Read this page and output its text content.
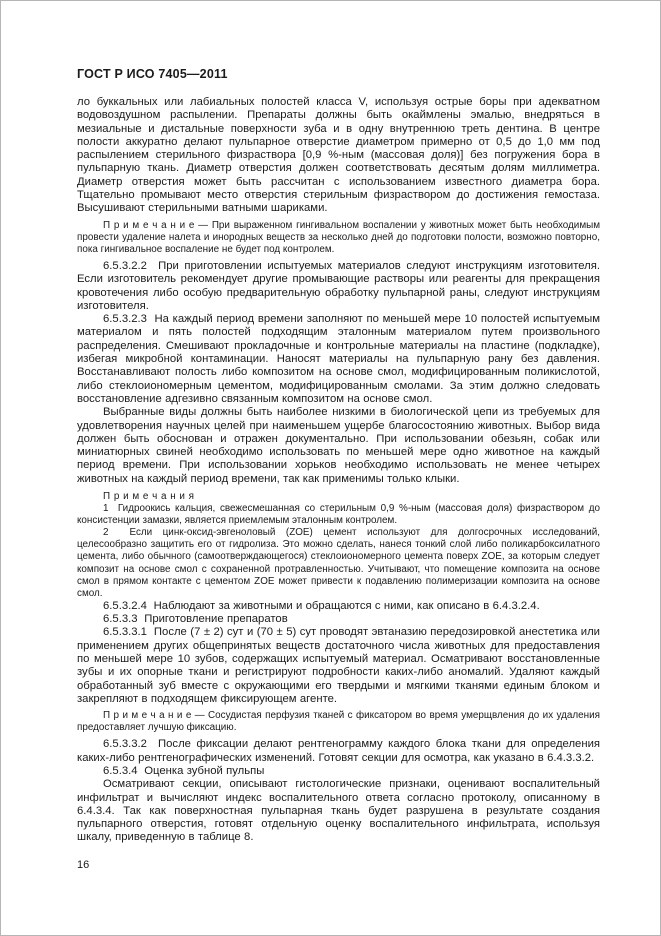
ГОСТ Р ИСО 7405—2011

ло буккальных или лабиальных полостей класса V, используя острые боры при адекватном водовоздушном распылении. Препараты должны быть окаймлены эмалью, внедряться в мезиальные и дистальные поверхности зуба и в одну внутреннюю треть дентина. В центре полости аккуратно делают пульпарное отверстие диаметром примерно от 0,5 до 1,0 мм под распылением стерильного физраствора [0,9 %-ным (массовая доля)] без погружения бора в пульпарную ткань. Диаметр отверстия должен соответствовать десятым долям миллиметра. Диаметр отверстия может быть рассчитан с использованием известного диаметра бора. Тщательно промывают место отверстия стерильным физраствором до достижения гемостаза. Высушивают стерильными ватными шариками.

П р и м е ч а н и е — При выраженном гингивальном воспалении у животных может быть необходимым провести удаление налета и инородных веществ за несколько дней до подготовки полости, возможно повторно, пока гингивальное воспаление не будет под контролем.

6.5.3.2.2  При приготовлении испытуемых материалов следуют инструкциям изготовителя. Если изготовитель рекомендует другие промывающие растворы или реагенты для прекращения кровотечения либо особую предварительную обработку пульпарной раны, следуют инструкциям изготовителя.

6.5.3.2.3  На каждый период времени заполняют по меньшей мере 10 полостей испытуемым материалом и пять полостей подходящим эталонным материалом путем произвольного распределения. Смешивают прокладочные и контрольные материалы на пластине (подкладке), избегая микробной контаминации. Наносят материалы на пульпарную рану без давления. Восстанавливают полость либо композитом на основе смол, модифицированным поликислотой, либо стеклоиономерным цементом, модифицированным смолами. За этим должно следовать восстановление адгезивно связанным композитом на основе смол.

Выбранные виды должны быть наиболее низкими в биологической цепи из требуемых для удовлетворения научных целей при наименьшем ущербе благосостоянию животных. Выбор вида должен быть обоснован и отражен документально. При использовании обезьян, собак или миниатюрных свиней необходимо использовать по меньшей мере одно животное на каждый период времени. При использовании хорьков необходимо использовать не менее четырех животных на каждый период времени, так как применимы только клыки.

П р и м е ч а н и я

1  Гидроокись кальция, свежесмешанная со стерильным 0,9 %-ным (массовая доля) физраствором до консистенции замазки, является приемлемым эталонным контролем.

2  Если цинк-оксид-эвгеноловый (ZOE) цемент используют для долгосрочных исследований, целесообразно защитить его от гидролиза. Это можно сделать, нанеся тонкий слой либо поликарбоксилатного цемента, либо обычного (самоотверждающегося) стеклоиономерного цемента поверх ZOE, за которым следует композит на основе смол с сохраненной протравленностью. Учитывают, что помещение композита на основе смол в прямом контакте с цементом ZOE может привести к подавлению полимеризации композита на основе смол.

6.5.3.2.4  Наблюдают за животными и обращаются с ними, как описано в 6.4.3.2.4.

6.5.3.3  Приготовление препаратов

6.5.3.3.1  После (7 ± 2) сут и (70 ± 5) сут проводят эвтаназию передозировкой анестетика или применением других общепринятых веществ достаточного числа животных для предоставления по меньшей мере 10 зубов, содержащих испытуемый материал. Осматривают восстановленные зубы и их опорные ткани и регистрируют подробности каких-либо аномалий. Удаляют каждый обработанный зуб вместе с окружающими его твердыми и мягкими тканями единым блоком и закрепляют в подходящем фиксирующем агенте.

П р и м е ч а н и е — Сосудистая перфузия тканей с фиксатором во время умерщвления до их удаления предоставляет лучшую фиксацию.

6.5.3.3.2  После фиксации делают рентгенограмму каждого блока ткани для определения каких-либо рентгенографических изменений. Готовят секции для осмотра, как указано в 6.4.3.3.2.

6.5.3.4  Оценка зубной пульпы

Осматривают секции, описывают гистологические признаки, оценивают воспалительный инфильтрат и вычисляют индекс воспалительного ответа согласно протоколу, описанному в 6.4.3.4. Так как поверхностная пульпарная ткань будет разрушена в результате создания пульпарного отверстия, готовят отдельную оценку воспалительного инфильтрата, используя шкалу, приведенную в таблице 8.

16
